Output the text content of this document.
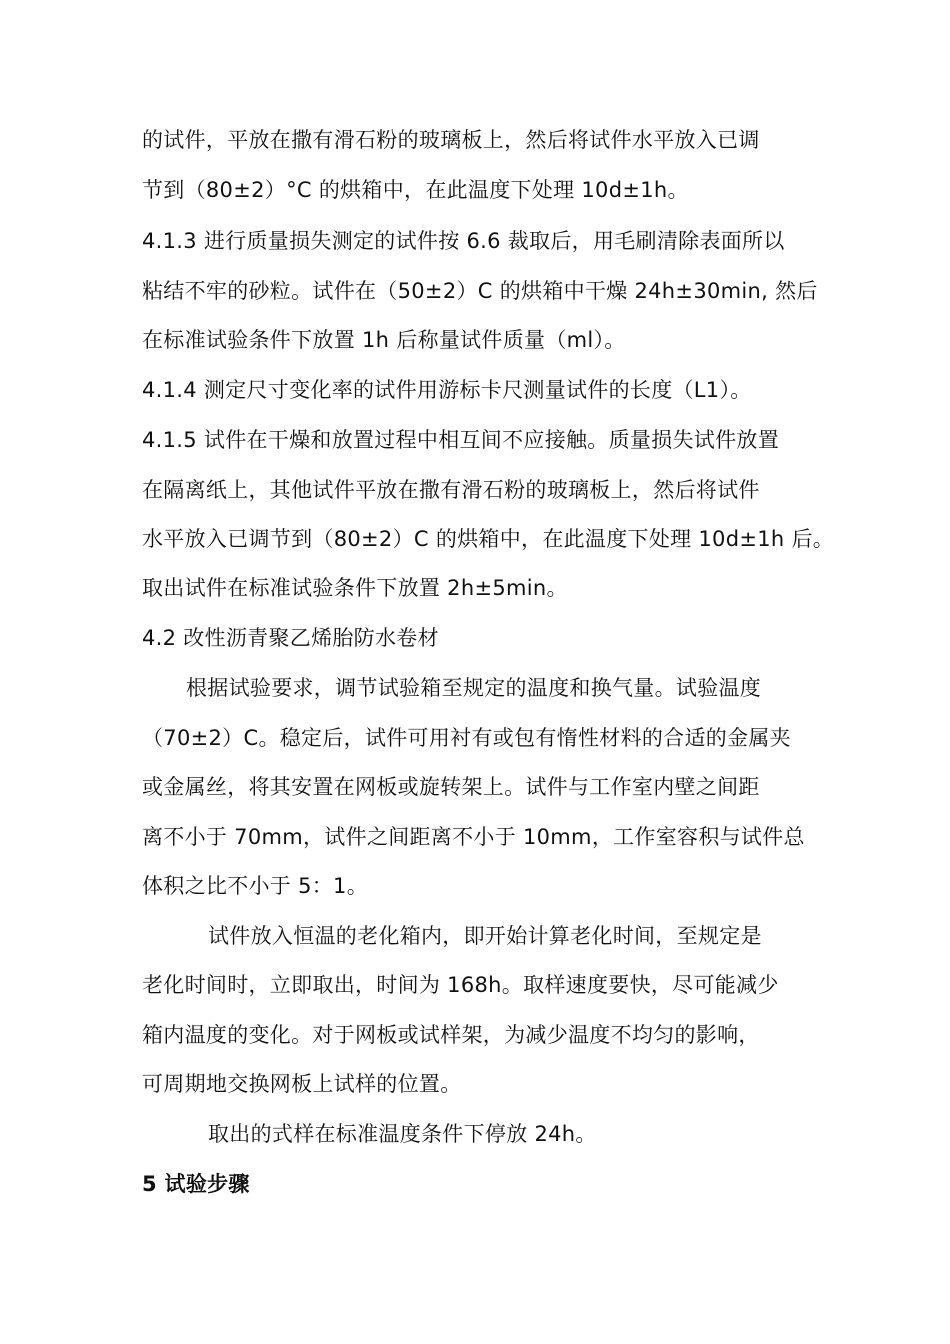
的试件，平放在撒有滑石粉的玻璃板上，然后将试件水平放入已调
节到（80±2）°C 的烘箱中，在此温度下处理 10d±1h。
4.1.3 进行质量损失测定的试件按 6.6 裁取后，用毛刷清除表面所以
粘结不牢的砂粒。试件在（50±2）C 的烘箱中干燥 24h±30min, 然后
在标准试验条件下放置 1h 后称量试件质量（ml）。
4.1.4 测定尺寸变化率的试件用游标卡尺测量试件的长度（L1）。
4.1.5 试件在干燥和放置过程中相互间不应接触。质量损失试件放置
在隔离纸上，其他试件平放在撒有滑石粉的玻璃板上，然后将试件
水平放入已调节到（80±2）C 的烘箱中，在此温度下处理 10d±1h 后。
取出试件在标准试验条件下放置 2h±5min。
4.2 改性沥青聚乙烯胎防水卷材
根据试验要求，调节试验箱至规定的温度和换气量。试验温度
（70±2）C。稳定后，试件可用衬有或包有惰性材料的合适的金属夹
或金属丝，将其安置在网板或旋转架上。试件与工作室内壁之间距
离不小于 70mm，试件之间距离不小于 10mm，工作室容积与试件总
体积之比不小于 5：1。
试件放入恒温的老化箱内，即开始计算老化时间，至规定是
老化时间时，立即取出，时间为 168h。取样速度要快，尽可能减少
箱内温度的变化。对于网板或试样架，为减少温度不均匀的影响，
可周期地交换网板上试样的位置。
取出的式样在标准温度条件下停放 24h。
5 试验步骤
